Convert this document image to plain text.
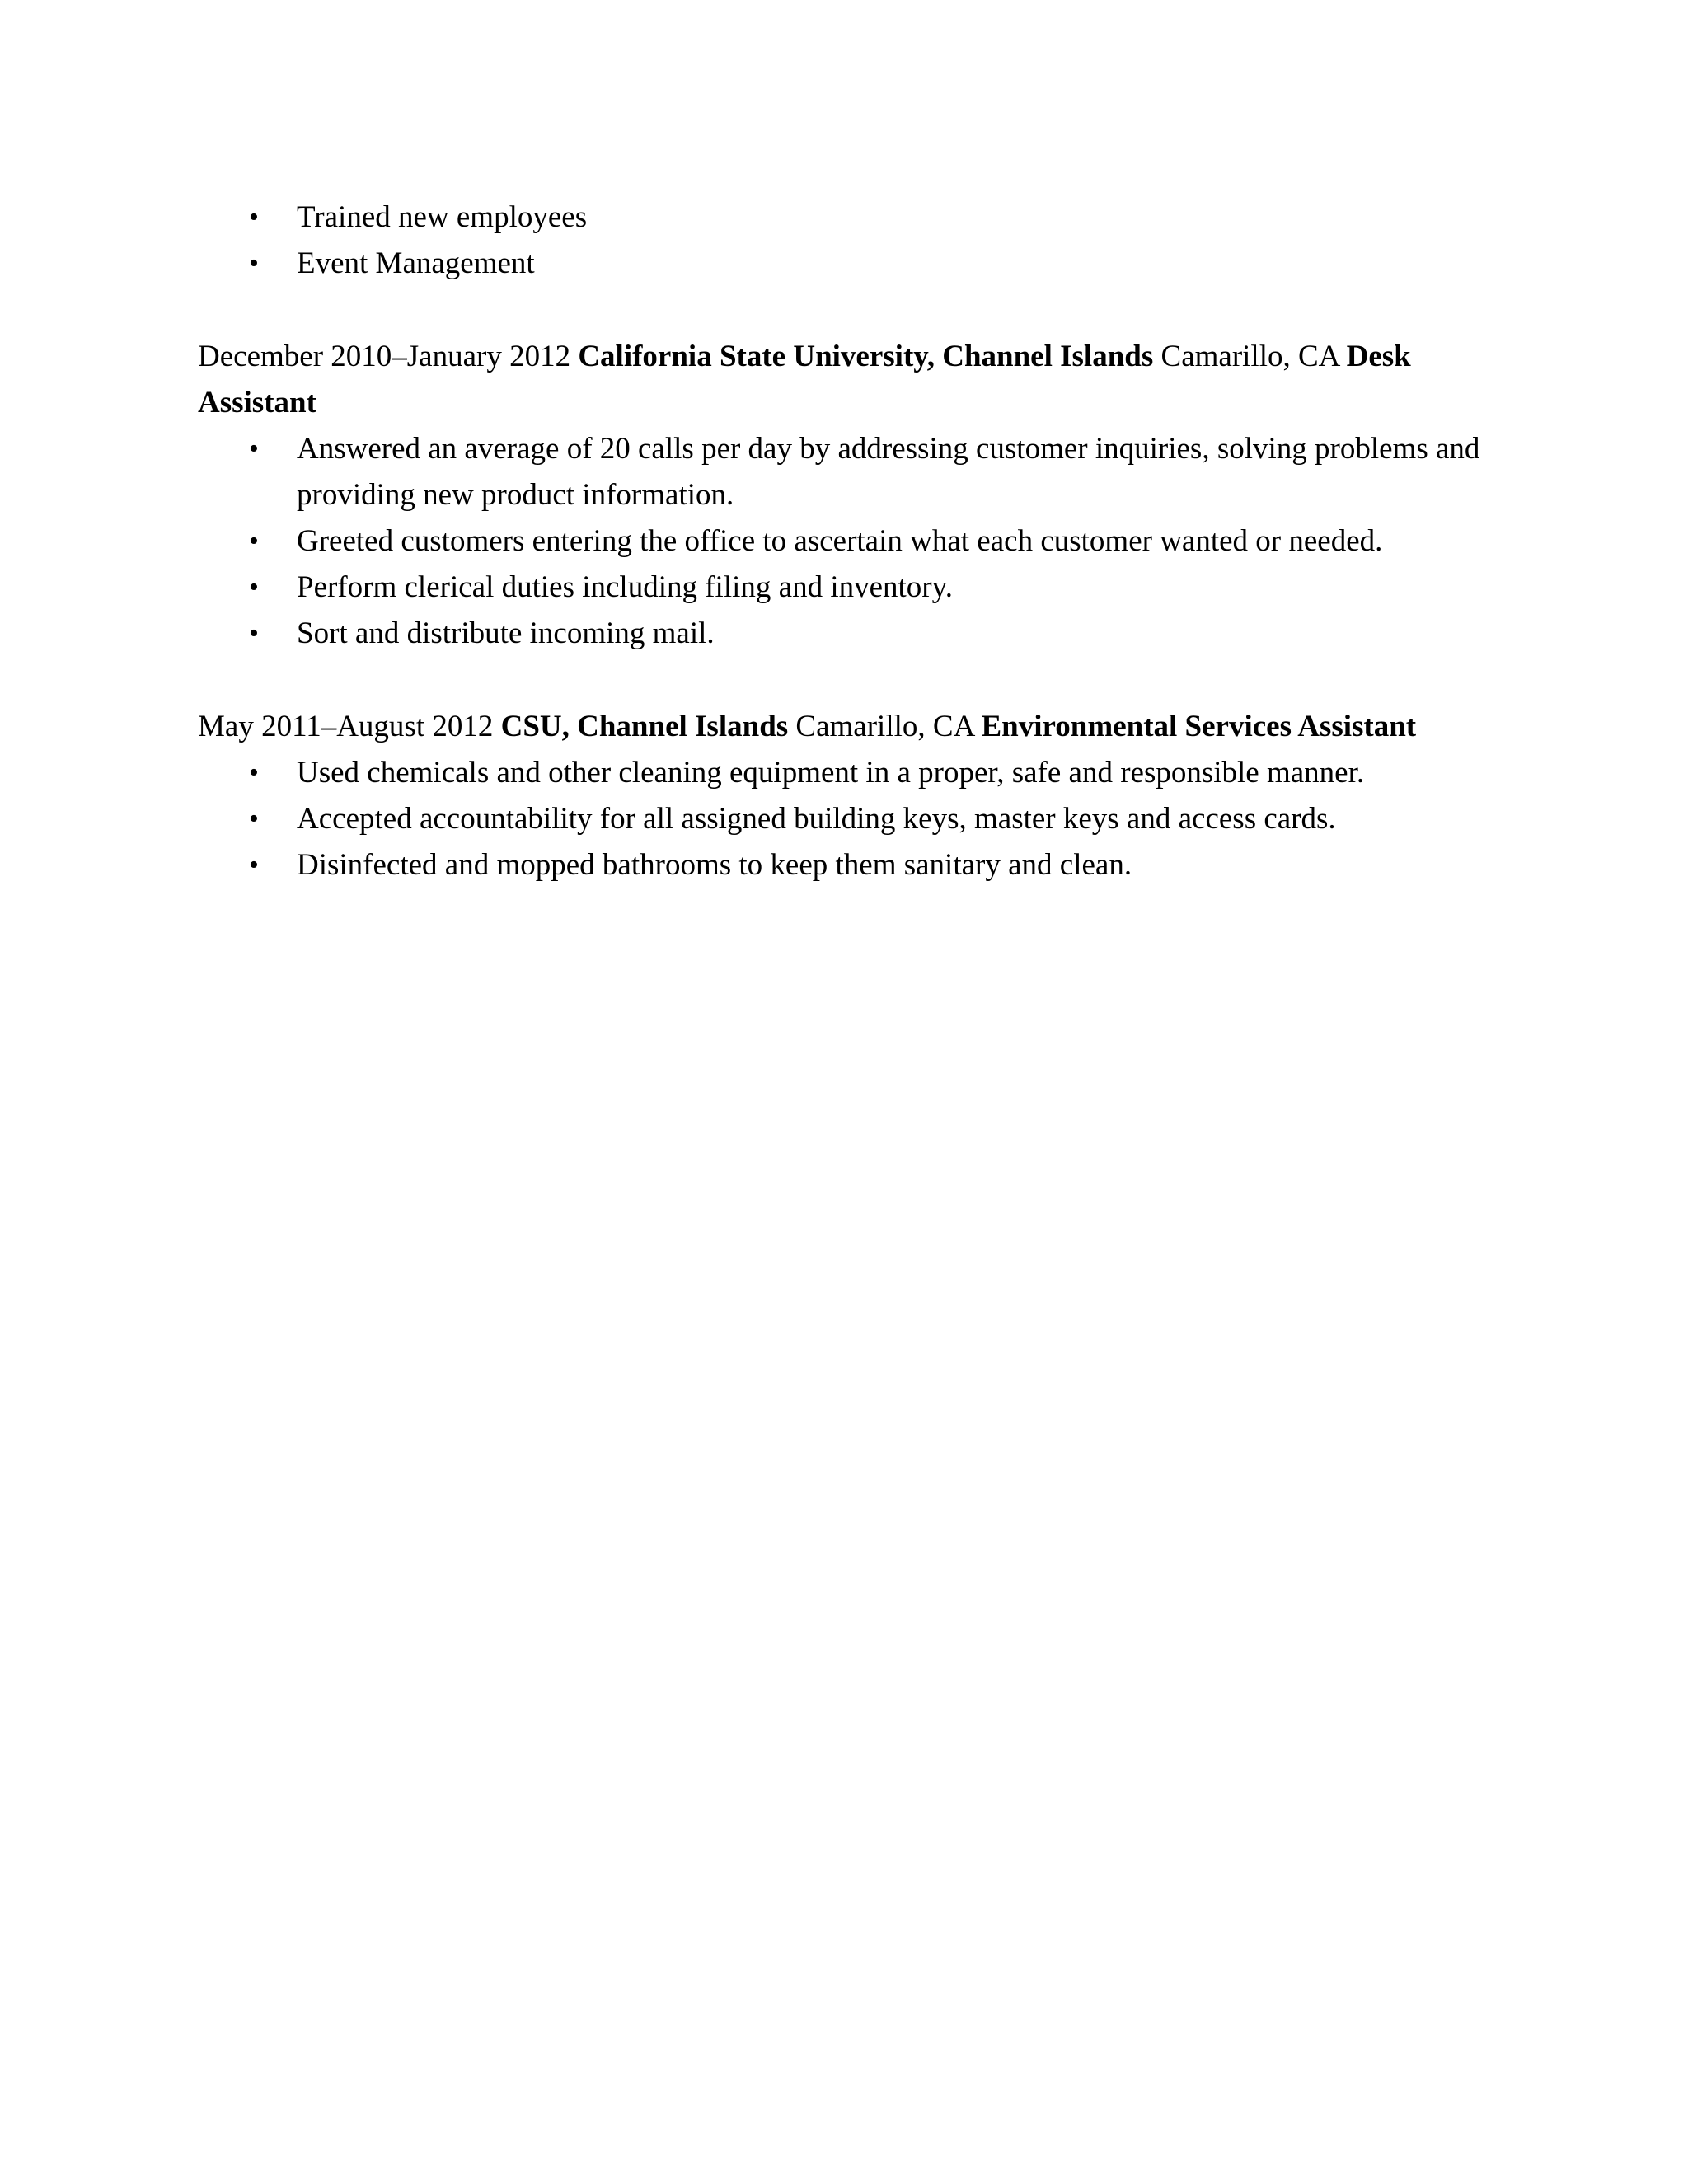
• Trained new employees
• Event Management

December 2010–January 2012 California State University, Channel Islands Camarillo, CA Desk Assistant

• Answered an average of 20 calls per day by addressing customer inquiries, solving problems and providing new product information.
• Greeted customers entering the office to ascertain what each customer wanted or needed.
• Perform clerical duties including filing and inventory.
• Sort and distribute incoming mail.

May 2011–August 2012 CSU, Channel Islands Camarillo, CA Environmental Services Assistant

• Used chemicals and other cleaning equipment in a proper, safe and responsible manner.
• Accepted accountability for all assigned building keys, master keys and access cards.
• Disinfected and mopped bathrooms to keep them sanitary and clean.
